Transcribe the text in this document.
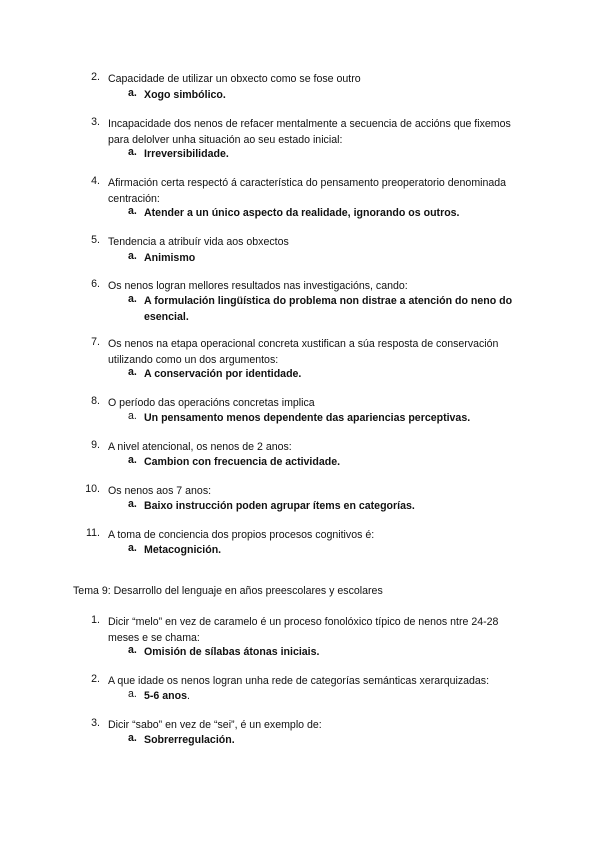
2. Capacidade de utilizar un obxecto como se fose outro
a. Xogo simbólico.
3. Incapacidade dos nenos de refacer mentalmente a secuencia de accións que fixemos para delolver unha situación ao seu estado inicial:
a. Irreversibilidade.
4. Afirmación certa respectó á característica do pensamento preoperatorio denominada centración:
a. Atender a un único aspecto da realidade, ignorando os outros.
5. Tendencia a atribuír vida aos obxectos
a. Animismo
6. Os nenos logran mellores resultados nas investigacións, cando:
a. A formulación lingüística do problema non distrae a atención do neno do esencial.
7. Os nenos na etapa operacional concreta xustifican a súa resposta de conservación utilizando como un dos argumentos:
a. A conservación por identidade.
8. O período das operacións concretas implica
a. Un pensamento menos dependente das apariencias perceptivas.
9. A nivel atencional, os nenos de 2 anos:
a. Cambion con frecuencia de actividade.
10. Os nenos aos 7 anos:
a. Baixo instrucción poden agrupar ítems en categorías.
11. A toma de conciencia dos propios procesos cognitivos é:
a. Metacognición.
Tema 9: Desarrollo del lenguaje en años preescolares y escolares
1. Dicir “melo” en vez de caramelo é un proceso fonolóxico típico de nenos ntre 24-28 meses e se chama:
a. Omisión de sílabas átonas iniciais.
2. A que idade os nenos logran unha rede de categorías semánticas xerarquizadas:
a. 5-6 anos.
3. Dicir “sabo” en vez de “sei”, é un exemplo de:
a. Sobrerregulación.
